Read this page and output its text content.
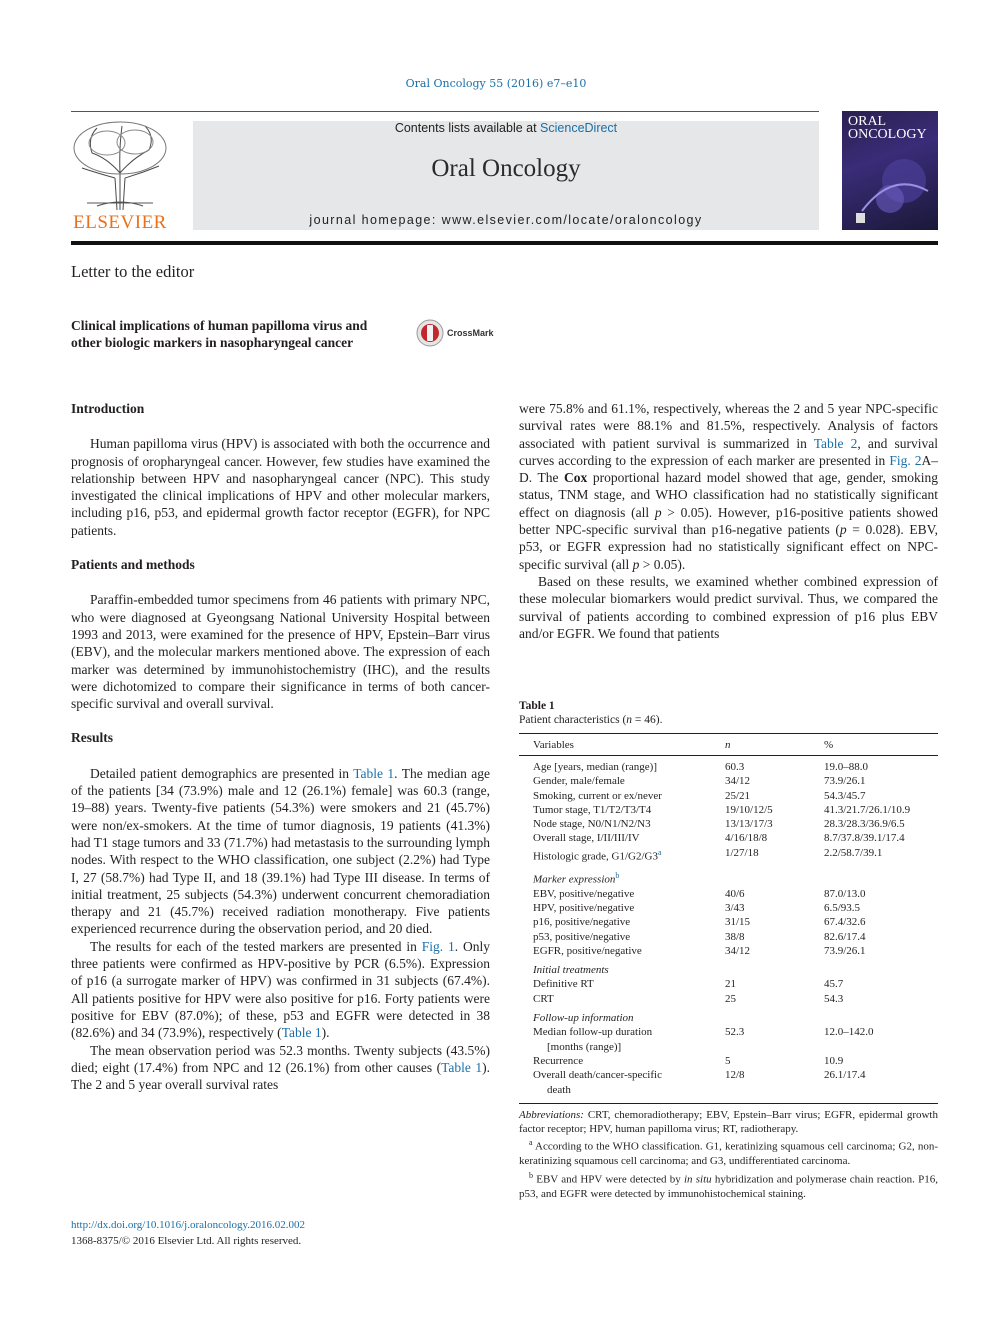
Oral Oncology 55 (2016) e7–e10
ELSEVIER
Contents lists available at ScienceDirect
Oral Oncology
journal homepage: www.elsevier.com/locate/oraloncology
ORAL
ONCOLOGY
Letter to the editor
Clinical implications of human papilloma virus and other biologic markers in nasopharyngeal cancer
CrossMark
Introduction

Human papilloma virus (HPV) is associated with both the occurrence and prognosis of oropharyngeal cancer. However, few studies have examined the relationship between HPV and nasopharyngeal cancer (NPC). This study investigated the clinical implications of HPV and other molecular markers, including p16, p53, and epidermal growth factor receptor (EGFR), for NPC patients.

Patients and methods

Paraffin-embedded tumor specimens from 46 patients with primary NPC, who were diagnosed at Gyeongsang National University Hospital between 1993 and 2013, were examined for the presence of HPV, Epstein–Barr virus (EBV), and the molecular markers mentioned above. The expression of each marker was determined by immunohistochemistry (IHC), and the results were dichotomized to compare their significance in terms of both cancer-specific survival and overall survival.

Results

Detailed patient demographics are presented in Table 1. The median age of the patients [34 (73.9%) male and 12 (26.1%) female] was 60.3 (range, 19–88) years. Twenty-five patients (54.3%) were smokers and 21 (45.7%) were non/ex-smokers. At the time of tumor diagnosis, 19 patients (41.3%) had T1 stage tumors and 33 (71.7%) had metastasis to the surrounding lymph nodes. With respect to the WHO classification, one subject (2.2%) had Type I, 27 (58.7%) had Type II, and 18 (39.1%) had Type III disease. In terms of initial treatment, 25 subjects (54.3%) underwent concurrent chemoradiation therapy and 21 (45.7%) received radiation monotherapy. Five patients experienced recurrence during the observation period, and 20 died.

The results for each of the tested markers are presented in Fig. 1. Only three patients were confirmed as HPV-positive by PCR (6.5%). Expression of p16 (a surrogate marker of HPV) was confirmed in 31 subjects (67.4%). All patients positive for HPV were also positive for p16. Forty patients were positive for EBV (87.0%); of these, p53 and EGFR were detected in 38 (82.6%) and 34 (73.9%), respectively (Table 1).

The mean observation period was 52.3 months. Twenty subjects (43.5%) died; eight (17.4%) from NPC and 12 (26.1%) from other causes (Table 1). The 2 and 5 year overall survival rates

were 75.8% and 61.1%, respectively, whereas the 2 and 5 year NPC-specific survival rates were 88.1% and 81.5%, respectively. Analysis of factors associated with patient survival is summarized in Table 2, and survival curves according to the expression of each marker are presented in Fig. 2A–D. The Cox proportional hazard model showed that age, gender, smoking status, TNM stage, and WHO classification had no statistically significant effect on diagnosis (all p > 0.05). However, p16-positive patients showed better NPC-specific survival than p16-negative patients (p = 0.028). EBV, p53, or EGFR expression had no statistically significant effect on NPC-specific survival (all p > 0.05).

Based on these results, we examined whether combined expression of these molecular biomarkers would predict survival. Thus, we compared the survival of patients according to combined expression of p16 plus EBV and/or EGFR. We found that patients

Table 1
Patient characteristics (n = 46).
Variables	n	%
Age [years, median (range)]	60.3	19.0–88.0
Gender, male/female	34/12	73.9/26.1
Smoking, current or ex/never	25/21	54.3/45.7
Tumor stage, T1/T2/T3/T4	19/10/12/5	41.3/21.7/26.1/10.9
Node stage, N0/N1/N2/N3	13/13/17/3	28.3/28.3/36.9/6.5
Overall stage, I/II/III/IV	4/16/18/8	8.7/37.8/39.1/17.4
Histologic grade, G1/G2/G3$^a$	1/27/18	2.2/58.7/39.1
Marker expression$^b$
EBV, positive/negative	40/6	87.0/13.0
HPV, positive/negative	3/43	6.5/93.5
p16, positive/negative	31/15	67.4/32.6
p53, positive/negative	38/8	82.6/17.4
EGFR, positive/negative	34/12	73.9/26.1
Initial treatments
Definitive RT	21	45.7
CRT	25	54.3
Follow-up information
Median follow-up duration	52.3	12.0–142.0
[months (range)]
Recurrence	5	10.9
Overall death/cancer-specific	12/8	26.1/17.4
death

Abbreviations: CRT, chemoradiotherapy; EBV, Epstein–Barr virus; EGFR, epidermal growth factor receptor; HPV, human papilloma virus; RT, radiotherapy.

$^a$ According to the WHO classification. G1, keratinizing squamous cell carcinoma; G2, non-keratinizing squamous cell carcinoma; and G3, undifferentiated carcinoma.

$^b$ EBV and HPV were detected by in situ hybridization and polymerase chain reaction. P16, p53, and EGFR were detected by immunohistochemical staining.

http://dx.doi.org/10.1016/j.oraloncology.2016.02.002
1368-8375/© 2016 Elsevier Ltd. All rights reserved.
